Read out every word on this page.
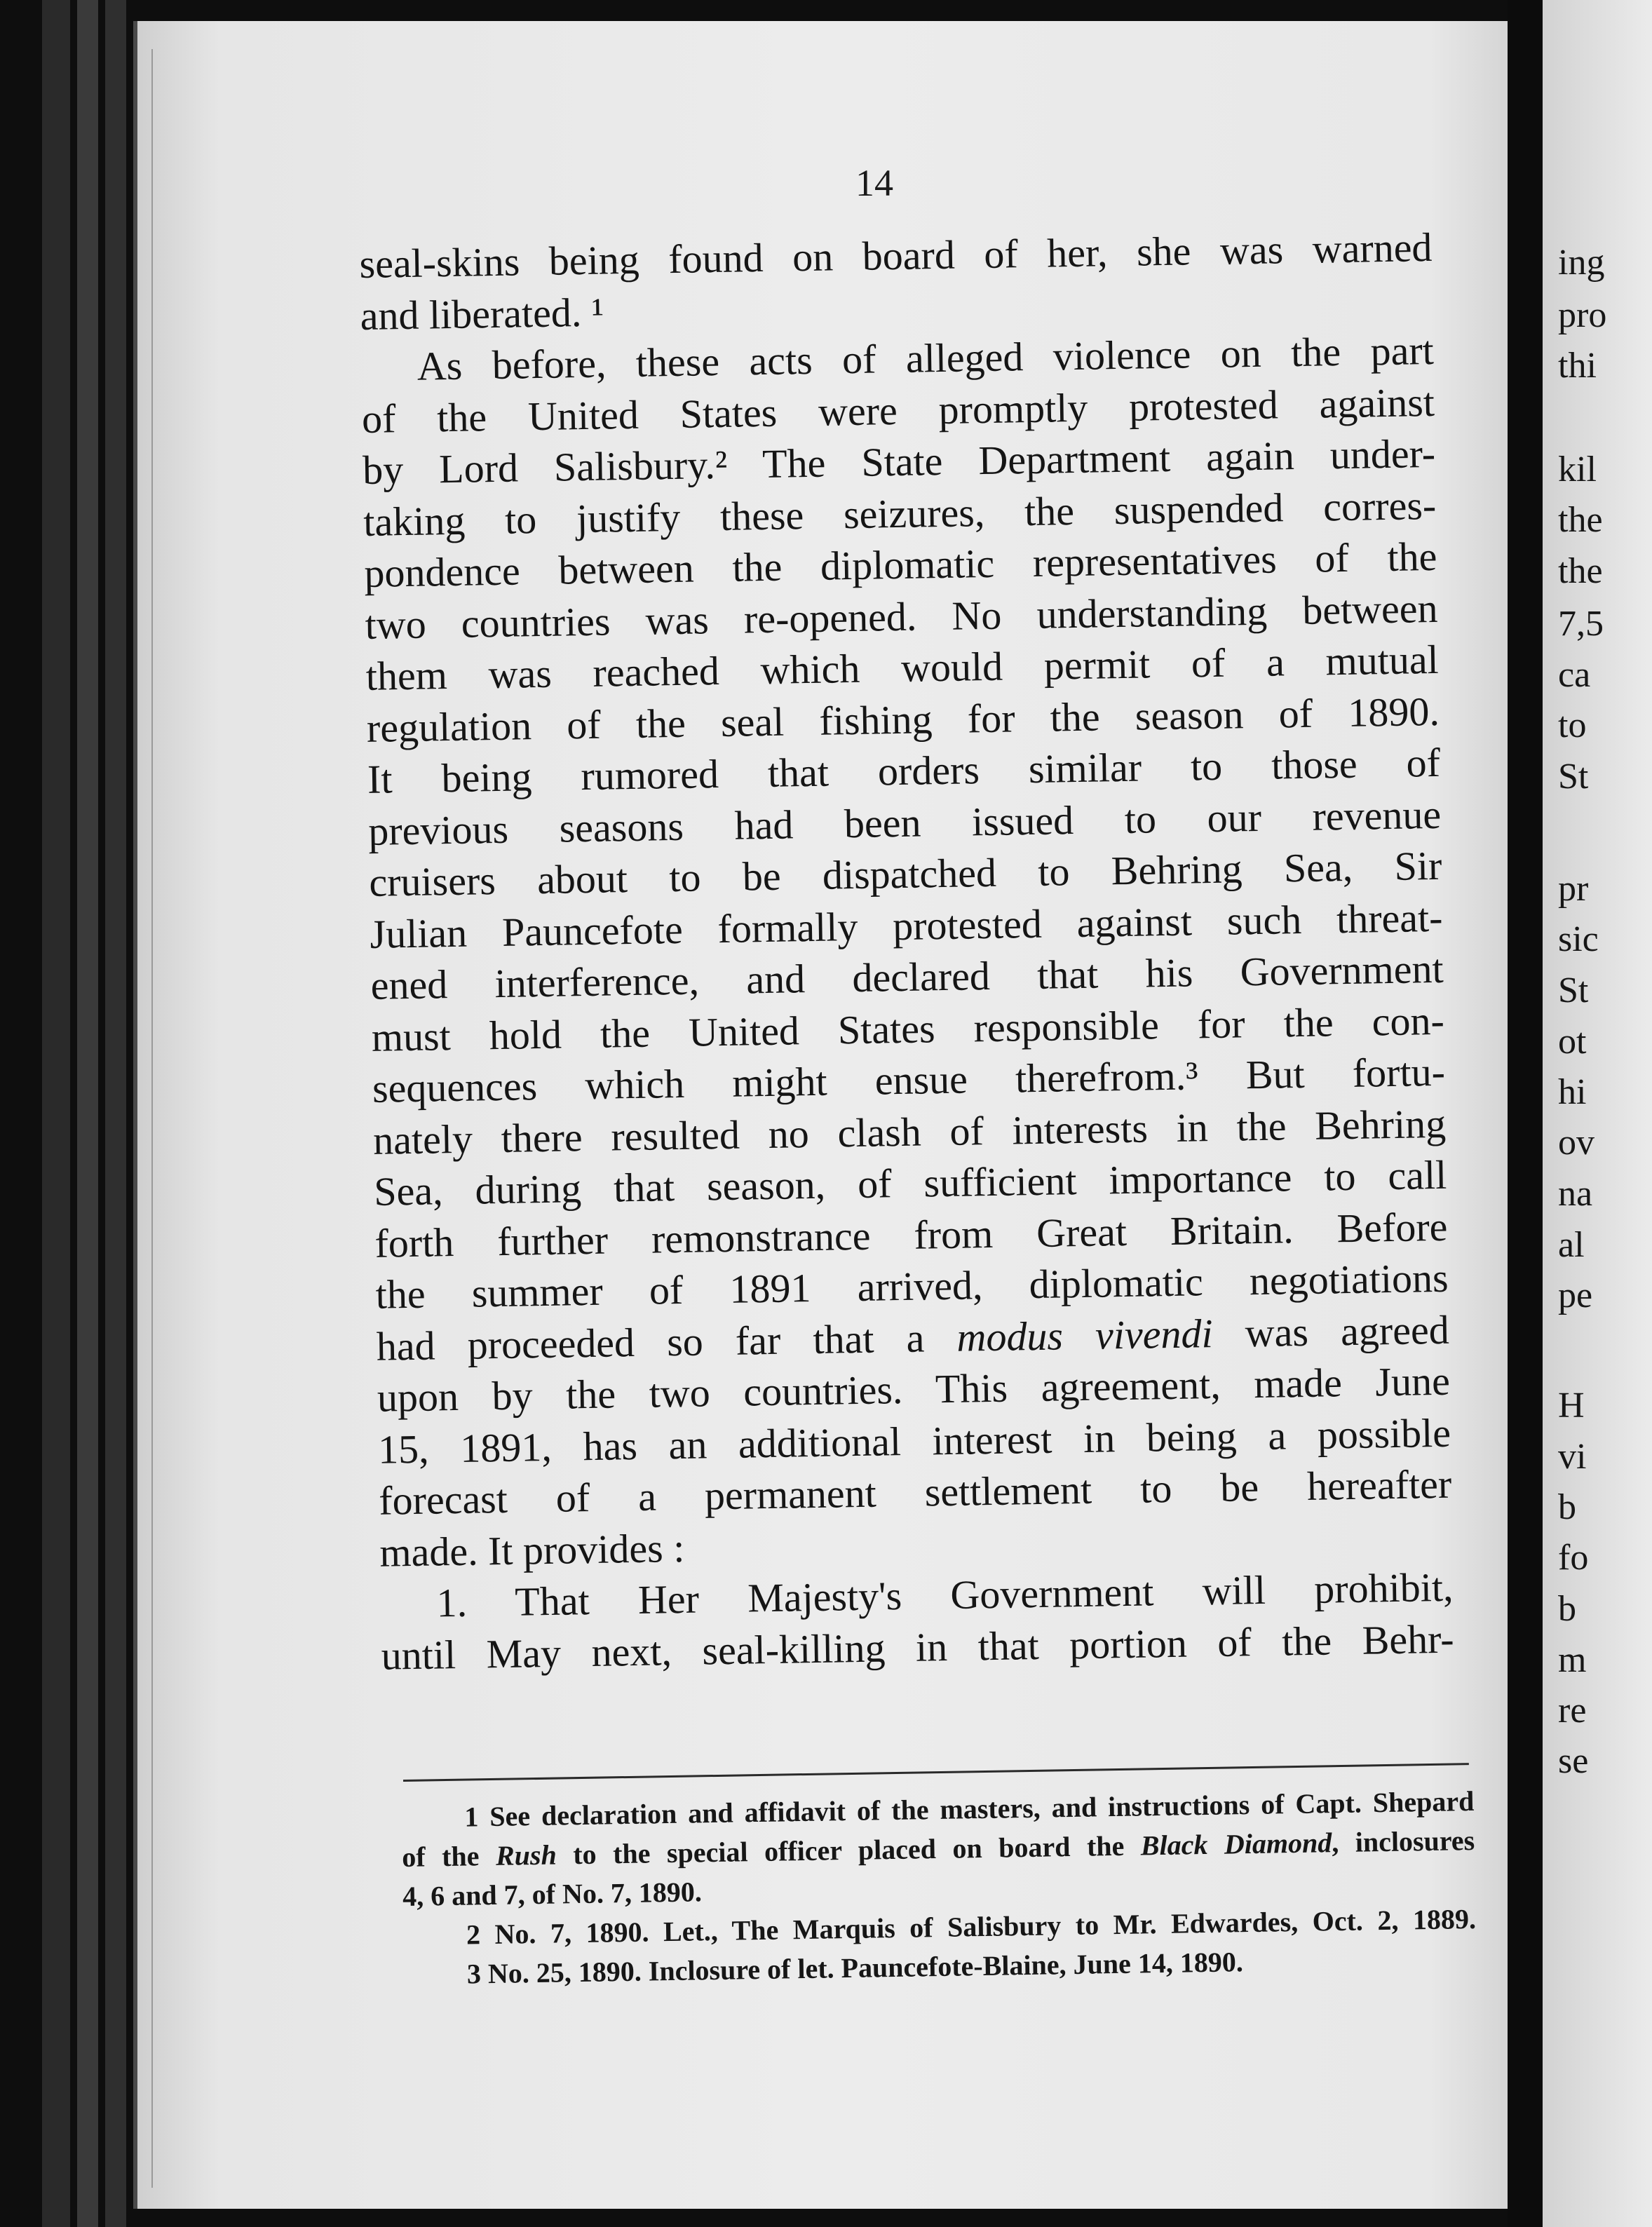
14
seal-skins being found on board of her, she was warned
and liberated. ¹
As before, these acts of alleged violence on the part
of the United States were promptly protested against
by Lord Salisbury.² The State Department again under-
taking to justify these seizures, the suspended corres-
pondence between the diplomatic representatives of the
two countries was re-opened. No understanding between
them was reached which would permit of a mutual
regulation of the seal fishing for the season of 1890.
It being rumored that orders similar to those of
previous seasons had been issued to our revenue
cruisers about to be dispatched to Behring Sea, Sir
Julian Pauncefote formally protested against such threat-
ened interference, and declared that his Government
must hold the United States responsible for the con-
sequences which might ensue therefrom.³ But fortu-
nately there resulted no clash of interests in the Behring
Sea, during that season, of sufficient importance to call
forth further remonstrance from Great Britain. Before
the summer of 1891 arrived, diplomatic negotiations
had proceeded so far that a modus vivendi was agreed
upon by the two countries. This agreement, made June
15, 1891, has an additional interest in being a possible
forecast of a permanent settlement to be hereafter
made. It provides :
1. That Her Majesty's Government will prohibit,
until May next, seal-killing in that portion of the Behr-
1 See declaration and affidavit of the masters, and instructions of Capt. Shepard
of the Rush to the special officer placed on board the Black Diamond, inclosures
4, 6 and 7, of No. 7, 1890.
2 No. 7, 1890. Let., The Marquis of Salisbury to Mr. Edwardes, Oct. 2, 1889.
3 No. 25, 1890. Inclosure of let. Pauncefote-Blaine, June 14, 1890.
ing
pro
thi
kil
the
the
7,5
ca
to
St
pr
sic
St
ot
hi
ov
na
al
pe
H
vi
b
fo
b
m
re
se
